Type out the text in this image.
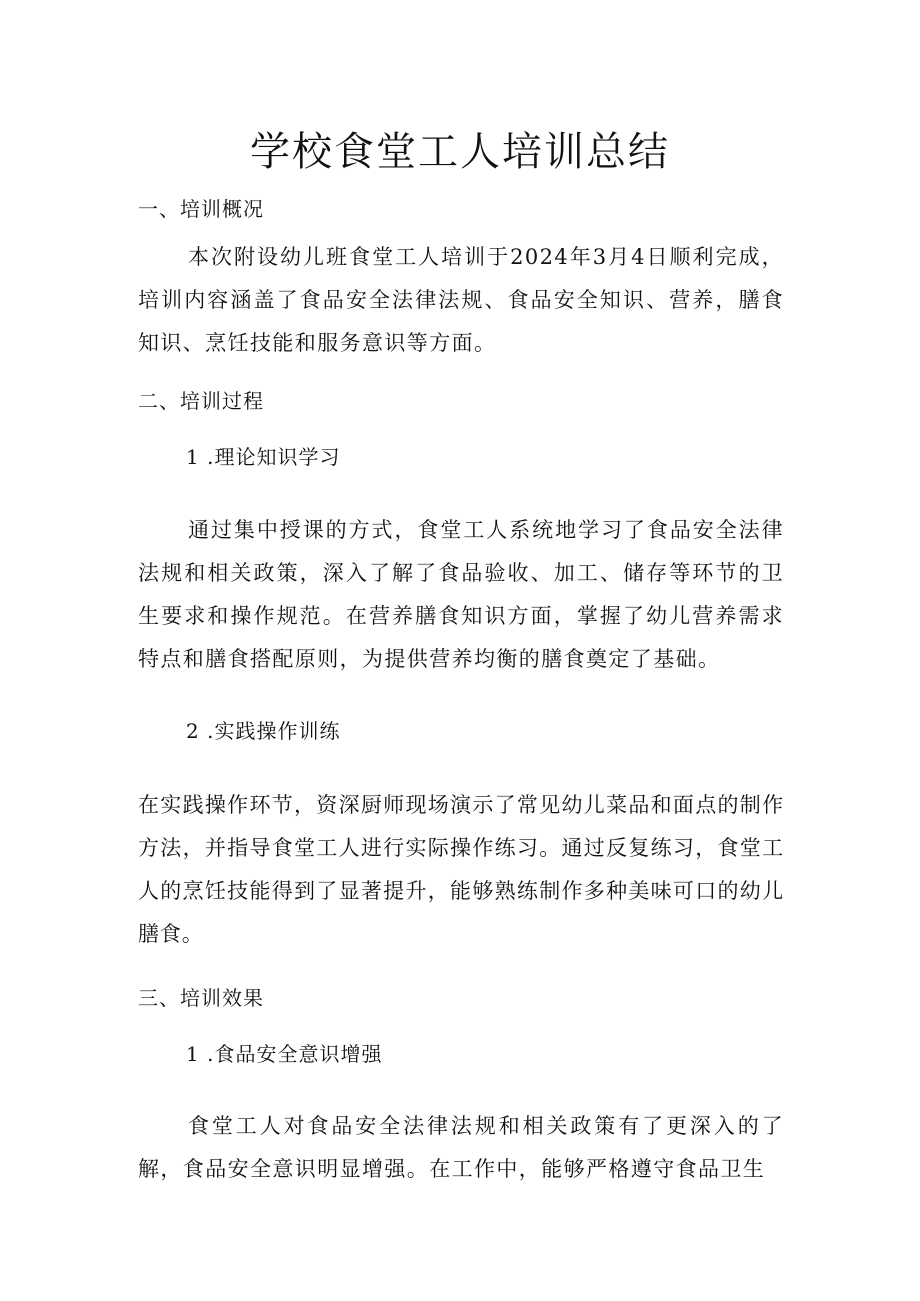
学校食堂工人培训总结
一、培训概况

本次附设幼儿班食堂工人培训于2024年3月4日顺利完成，培训内容涵盖了食品安全法律法规、食品安全知识、营养，膳食知识、烹饪技能和服务意识等方面。

二、培训过程
1 .理论知识学习

通过集中授课的方式，食堂工人系统地学习了食品安全法律法规和相关政策，深入了解了食品验收、加工、储存等环节的卫生要求和操作规范。在营养膳食知识方面，掌握了幼儿营养需求特点和膳食搭配原则，为提供营养均衡的膳食奠定了基础。

2 .实践操作训练

在实践操作环节，资深厨师现场演示了常见幼儿菜品和面点的制作方法，并指导食堂工人进行实际操作练习。通过反复练习，食堂工人的烹饪技能得到了显著提升，能够熟练制作多种美味可口的幼儿膳食。

三、培训效果
1 .食品安全意识增强

食堂工人对食品安全法律法规和相关政策有了更深入的了解，食品安全意识明显增强。在工作中，能够严格遵守食品卫生
